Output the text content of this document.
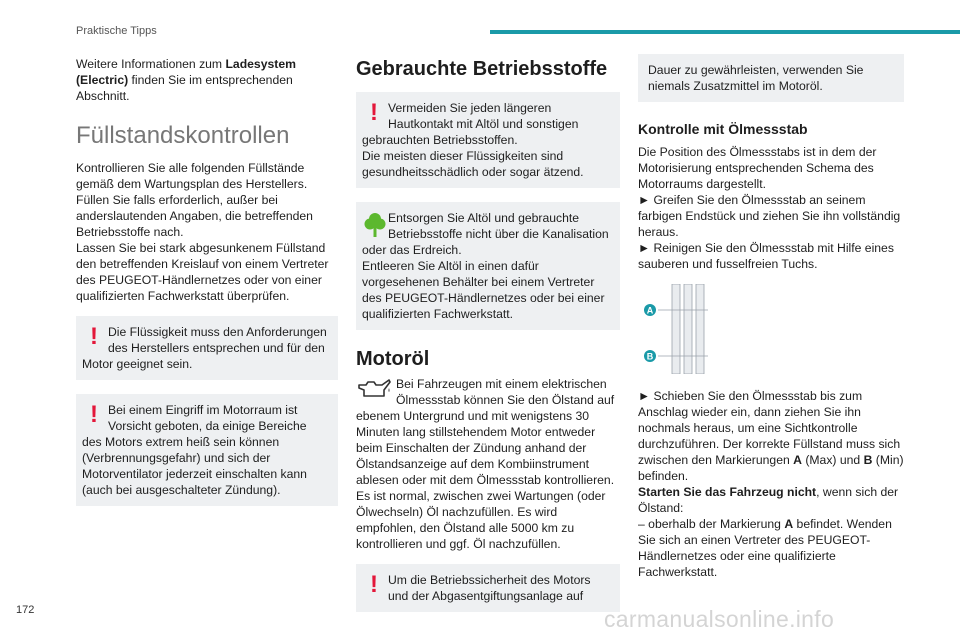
Praktische Tipps

Weitere Informationen zum Ladesystem (Electric) finden Sie im entsprechenden Abschnitt.

Füllstandskontrollen

Kontrollieren Sie alle folgenden Füllstände gemäß dem Wartungsplan des Herstellers. Füllen Sie falls erforderlich, außer bei anderslautenden Angaben, die betreffenden Betriebsstoffe nach.

Lassen Sie bei stark abgesunkenem Füllstand den betreffenden Kreislauf von einem Vertreter des PEUGEOT-Händlernetzes oder von einer qualifizierten Fachwerkstatt überprüfen.

! Die Flüssigkeit muss den Anforderungen des Herstellers entsprechen und für den Motor geeignet sein.
! Bei einem Eingriff im Motorraum ist Vorsicht geboten, da einige Bereiche des Motors extrem heiß sein können (Verbrennungsgefahr) und sich der Motorventilator jederzeit einschalten kann (auch bei ausgeschalteter Zündung).
Gebrauchte Betriebsstoffe
! Vermeiden Sie jeden längeren Hautkontakt mit Altöl und sonstigen gebrauchten Betriebsstoffen.
Die meisten dieser Flüssigkeiten sind gesundheitsschädlich oder sogar ätzend.
Entsorgen Sie Altöl und gebrauchte Betriebsstoffe nicht über die Kanalisation oder das Erdreich.
Entleeren Sie Altöl in einen dafür vorgesehenen Behälter bei einem Vertreter des PEUGEOT-Händlernetzes oder bei einer qualifizierten Fachwerkstatt.
Motoröl

Bei Fahrzeugen mit einem elektrischen Ölmessstab können Sie den Ölstand auf ebenem Untergrund und mit wenigstens 30 Minuten lang stillstehendem Motor entweder beim Einschalten der Zündung anhand der Ölstandsanzeige auf dem Kombiinstrument ablesen oder mit dem Ölmessstab kontrollieren.

Es ist normal, zwischen zwei Wartungen (oder Ölwechseln) Öl nachzufüllen. Es wird empfohlen, den Ölstand alle 5000 km zu kontrollieren und ggf. Öl nachzufüllen.

! Um die Betriebssicherheit des Motors und der Abgasentgiftungsanlage auf
Dauer zu gewährleisten, verwenden Sie niemals Zusatzmittel im Motoröl.
Kontrolle mit Ölmessstab

Die Position des Ölmessstabs ist in dem der Motorisierung entsprechenden Schema des Motorraums dargestellt.

► Greifen Sie den Ölmessstab an seinem farbigen Endstück und ziehen Sie ihn vollständig heraus.

► Reinigen Sie den Ölmessstab mit Hilfe eines sauberen und fusselfreien Tuchs.

A
B

► Schieben Sie den Ölmessstab bis zum Anschlag wieder ein, dann ziehen Sie ihn nochmals heraus, um eine Sichtkontrolle durchzuführen. Der korrekte Füllstand muss sich zwischen den Markierungen A (Max) und B (Min) befinden.

Starten Sie das Fahrzeug nicht, wenn sich der Ölstand:

– oberhalb der Markierung A befindet. Wenden Sie sich an einen Vertreter des PEUGEOT-Händlernetzes oder eine qualifizierte Fachwerkstatt.

172	carmanualsonline.info
